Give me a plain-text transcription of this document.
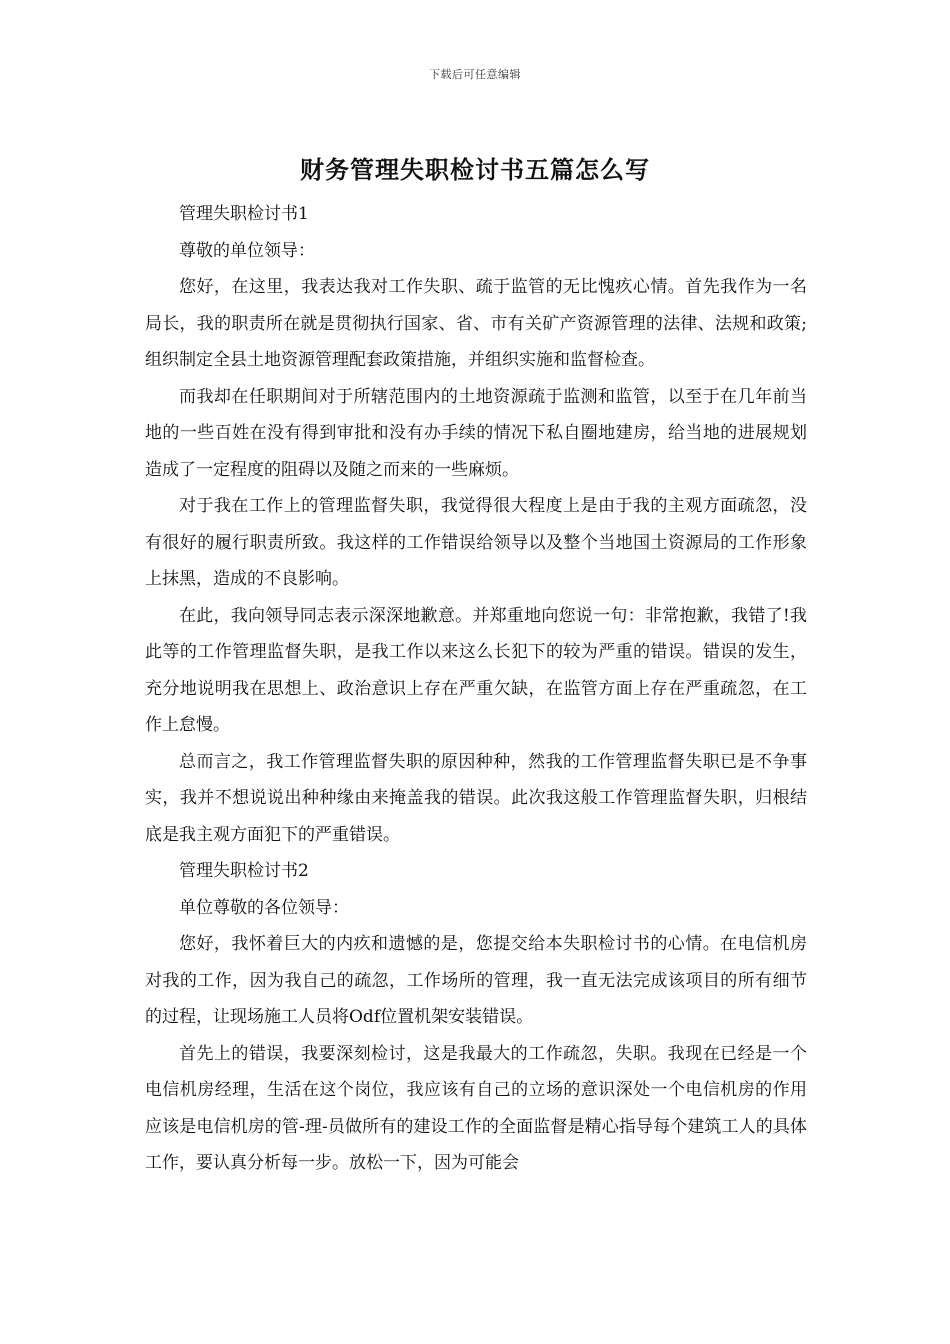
下载后可任意编辑
财务管理失职检讨书五篇怎么写

管理失职检讨书1

尊敬的单位领导：

您好，在这里，我表达我对工作失职、疏于监管的无比愧疚心情。首先我作为一名局长，我的职责所在就是贯彻执行国家、省、市有关矿产资源管理的法律、法规和政策;组织制定全县土地资源管理配套政策措施，并组织实施和监督检查。

而我却在任职期间对于所辖范围内的土地资源疏于监测和监管，以至于在几年前当地的一些百姓在没有得到审批和没有办手续的情况下私自圈地建房，给当地的进展规划造成了一定程度的阻碍以及随之而来的一些麻烦。

对于我在工作上的管理监督失职，我觉得很大程度上是由于我的主观方面疏忽，没有很好的履行职责所致。我这样的工作错误给领导以及整个当地国土资源局的工作形象上抹黑，造成的不良影响。

在此，我向领导同志表示深深地歉意。并郑重地向您说一句：非常抱歉，我错了!我此等的工作管理监督失职，是我工作以来这么长犯下的较为严重的错误。错误的发生，充分地说明我在思想上、政治意识上存在严重欠缺，在监管方面上存在严重疏忽，在工作上怠慢。

总而言之，我工作管理监督失职的原因种种，然我的工作管理监督失职已是不争事实，我并不想说说出种种缘由来掩盖我的错误。此次我这般工作管理监督失职，归根结底是我主观方面犯下的严重错误。

管理失职检讨书2

单位尊敬的各位领导：

您好，我怀着巨大的内疚和遗憾的是，您提交给本失职检讨书的心情。在电信机房对我的工作，因为我自己的疏忽，工作场所的管理，我一直无法完成该项目的所有细节的过程，让现场施工人员将Odf位置机架安装错误。

首先上的错误，我要深刻检讨，这是我最大的工作疏忽，失职。我现在已经是一个电信机房经理，生活在这个岗位，我应该有自己的立场的意识深处一个电信机房的作用应该是电信机房的管-理-员做所有的建设工作的全面监督是精心指导每个建筑工人的具体工作，要认真分析每一步。放松一下，因为可能会
